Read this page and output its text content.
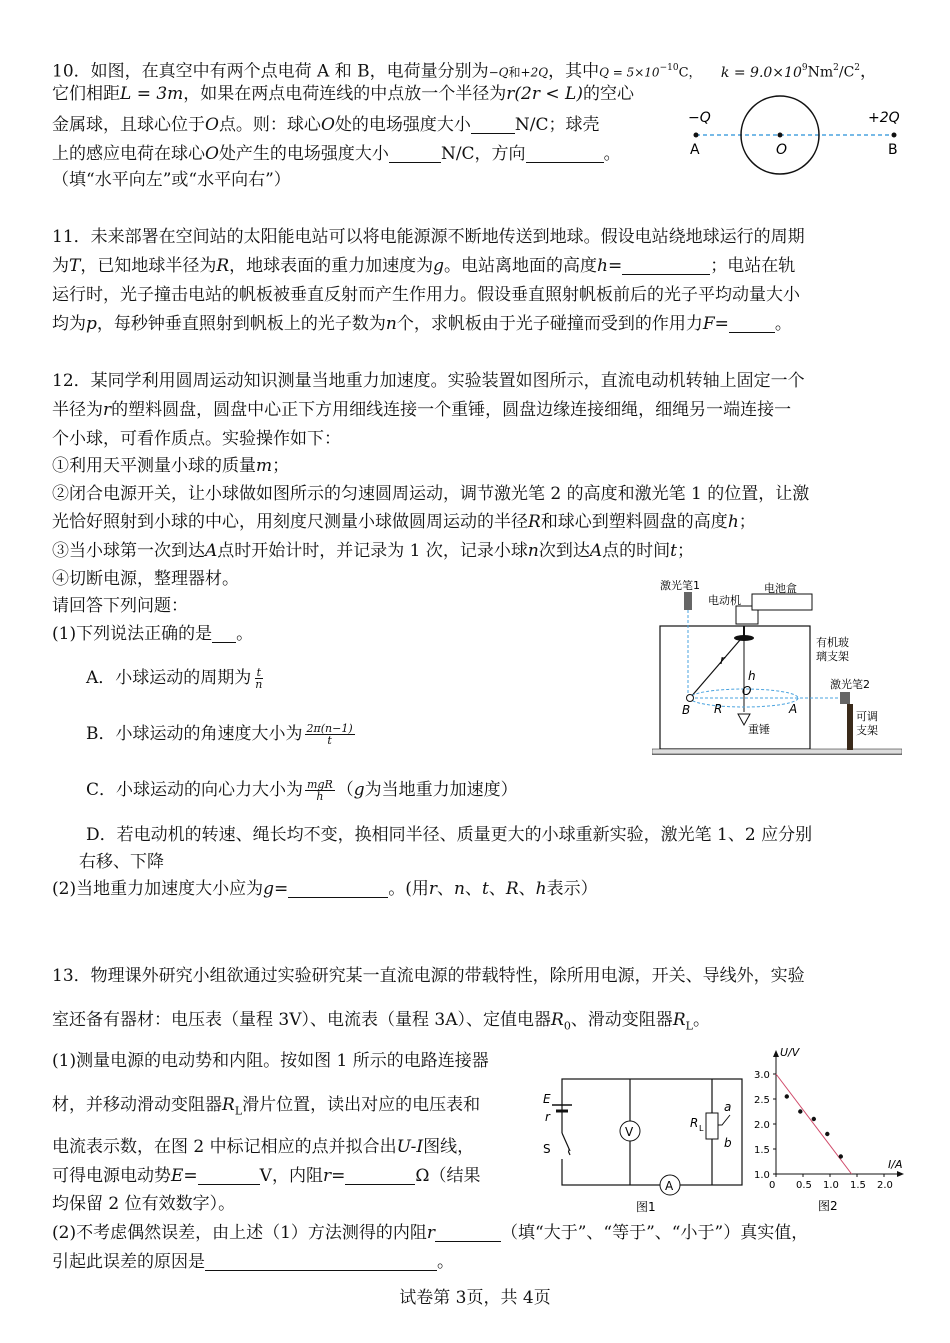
10．如图，在真空中有两个点电荷 A 和 B，电荷量分别为−Q和+2Q，其中$Q = 5\times 10^{-10}C$， $k = 9.0\times 10^9Nm^2/C^2$，
它们相距L = 3m，如果在两点电荷连线的中点放一个半径为r(2r < L)的空心
金属球，且球心位于O点。则：球心O处的电场强度大小	N/C；球壳
上的感应电荷在球心O处产生的电场强度大小	N/C，方向	。
（填“水平向左”或“水平向右”）
−Q	+2Q
A	O	B
11．未来部署在空间站的太阳能电站可以将电能源源不断地传送到地球。假设电站绕地球运行的周期
为T，已知地球半径为R，地球表面的重力加速度为g。电站离地面的高度h=	；电站在轨
运行时，光子撞击电站的帆板被垂直反射而产生作用力。假设垂直照射帆板前后的光子平均动量大小
均为p，每秒钟垂直照射到帆板上的光子数为n个，求帆板由于光子碰撞而受到的作用力F=	。
12．某同学利用圆周运动知识测量当地重力加速度。实验装置如图所示，直流电动机转轴上固定一个
半径为r的塑料圆盘，圆盘中心正下方用细线连接一个重锤，圆盘边缘连接细绳，细绳另一端连接一
个小球，可看作质点。实验操作如下：
①利用天平测量小球的质量m；
②闭合电源开关，让小球做如图所示的匀速圆周运动，调节激光笔 2 的高度和激光笔 1 的位置，让激
光恰好照射到小球的中心，用刻度尺测量小球做圆周运动的半径R和球心到塑料圆盘的高度h；
③当小球第一次到达A点时开始计时，并记录为 1 次，记录小球n次到达A点的时间t；
④切断电源，整理器材。
请回答下列问题：
(1)下列说法正确的是 。
A．小球运动的周期为 $\frac{t}{n}$
B．小球运动的角速度大小为 $\frac{2\pi(n-1)}{t}$
C．小球运动的向心力大小为 $\frac{\text{mgR}}{h} (g$为当地重力加速度）
D．若电动机的转速、绳长均不变，换相同半径、质量更大的小球重新实验，激光笔 1、2 应分别
右移、下降
(2)当地重力加速度大小应为g=	。(用r、n、t、R、h表示）
激光笔1
电动机
电池盒
有机玻
璃支架
r
h
O
B R	A
重锤
激光笔2
可调
支架
13．物理课外研究小组欲通过实验研究某一直流电源的带载特性，除所用电源，开关、导线外，实验
室还备有器材：电压表（量程 3V）、电流表（量程 3A）、定值电器$R_0$、滑动变阻器$R_L$。
(1)测量电源的电动势和内阻。按如图 1 所示的电路连接器
材，并移动滑动变阻器$R_L$滑片位置，读出对应的电压表和
电流表示数，在图 2 中标记相应的点并拟合出U-I图线，
可得电源电动势E=	V，内阻r=	Ω（结果
均保留 2 位有效数字）。
(2)不考虑偶然误差，由上述（1）方法测得的内阻r	（填“大于”、“等于”、“小于”）真实值，
引起此误差的原因是	。
V
A
E
r
S
R L
a
b
图1
U/V
I/A
图2
3.0
2.5
2.0
1.5
1.0
0 0.5 1.0 1.5 2.0
试卷第 3页，共 4页
